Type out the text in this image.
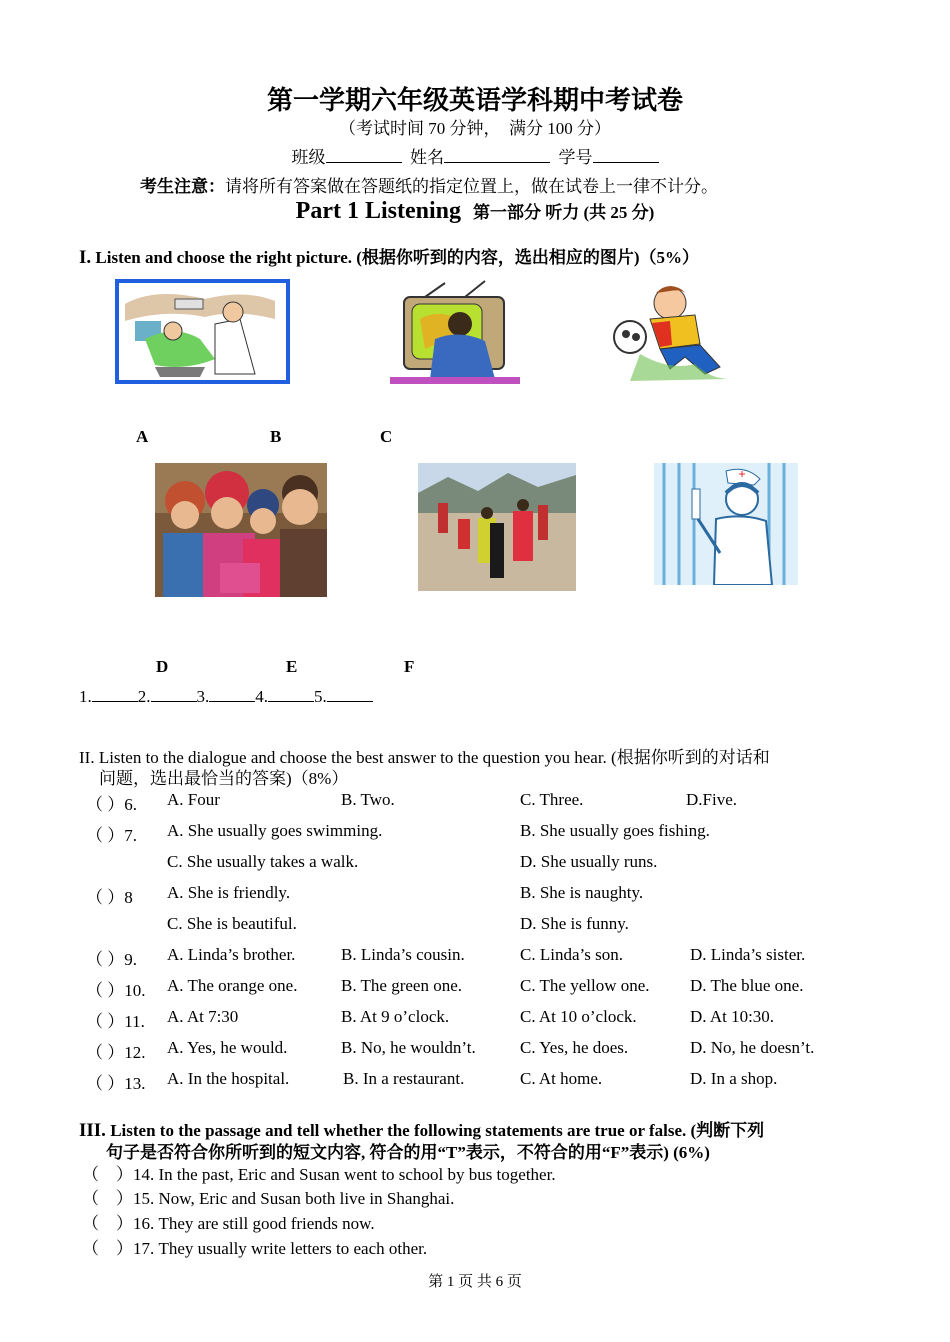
第一学期六年级英语学科期中考试卷
（考试时间 70 分钟，　满分 100 分）
班级	姓名	学号
考生注意：请将所有答案做在答题纸的指定位置上，做在试卷上一律不计分。
Part 1 Listening 第一部分 听力 (共 25 分)
I. Listen and choose the right picture. (根据你听到的内容，选出相应的图片)（5%）
A	B	C
D	E	F
1.	2.	3.	4.	5.
II. Listen to the dialogue and choose the best answer to the question you hear. (根据你听到的对话和
问题，选出最恰当的答案)（8%）
（ ）6. A. Four	B. Two.	C. Three.	D.Five.
（ ）7. A. She usually goes swimming.	B. She usually goes fishing.
C. She usually takes a walk.	D. She usually runs.
（ ）8 A. She is friendly.	B. She is naughty.
C. She is beautiful.	D. She is funny.
（ ）9. A. Linda’s brother.	B. Linda’s cousin.	C. Linda’s son.	D. Linda’s sister.
（ ）10. A. The orange one.	B. The green one.	C. The yellow one. D. The blue one.
（ ）11. A. At 7:30	B. At 9 o’clock.	C. At 10 o’clock.	D. At 10:30.
（ ）12. A. Yes, he would.	B. No, he wouldn’t.	C. Yes, he does.	D. No, he doesn’t.
（ ）13. A. In the hospital.	B. In a restaurant.	C. At home.	D. In a shop.
III. Listen to the passage and tell whether the following statements are true or false. (判断下列
句子是否符合你所听到的短文内容, 符合的用“T”表示，不符合的用“F”表示) (6%)
（　）14. In the past, Eric and Susan went to school by bus together.
（　）15. Now, Eric and Susan both live in Shanghai.
（　）16. They are still good friends now.
（　）17. They usually write letters to each other.
第 1 页 共 6 页
